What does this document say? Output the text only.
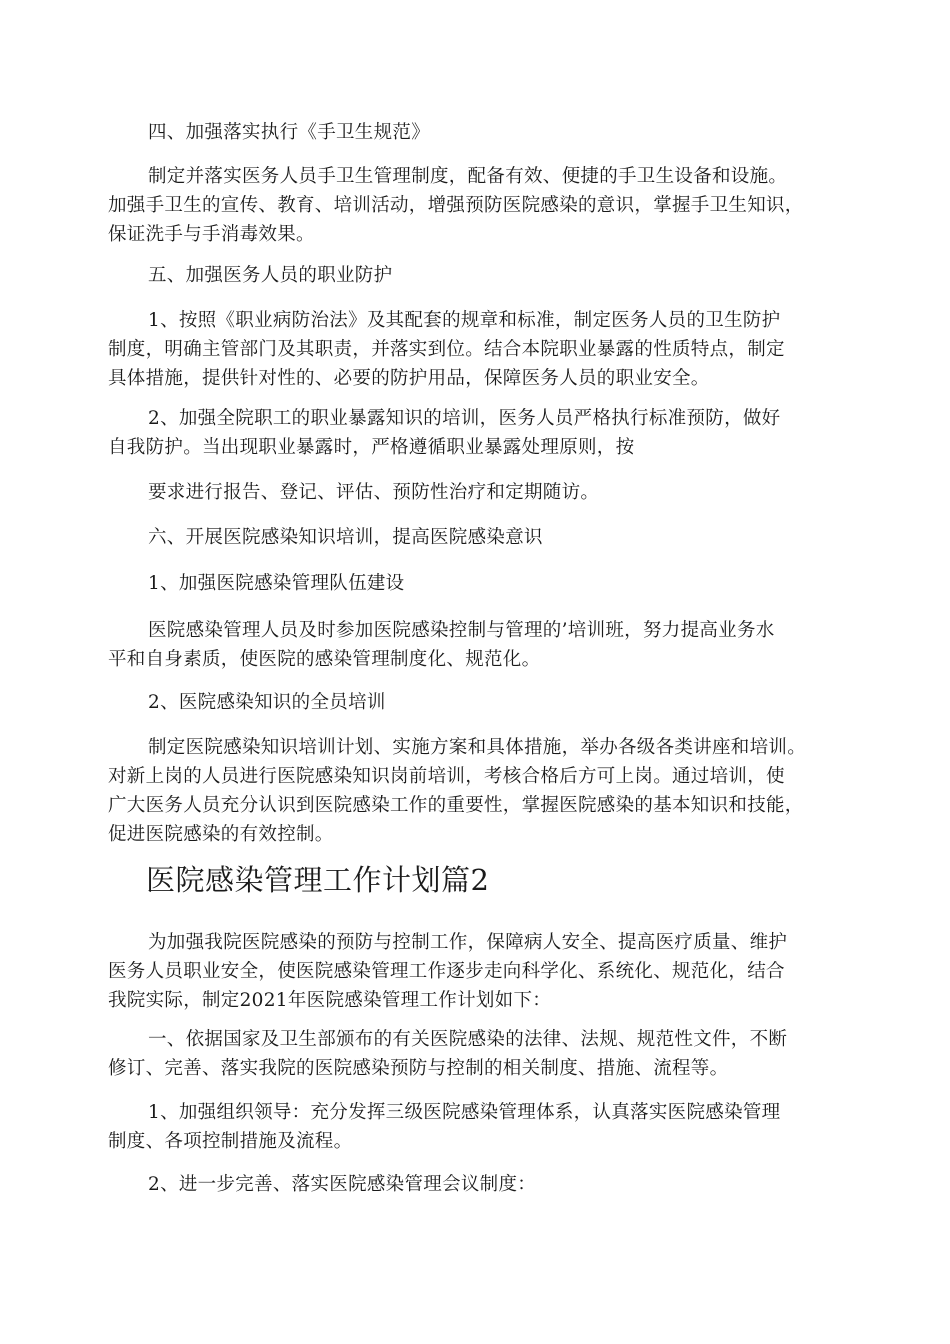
四、加强落实执行《手卫生规范》
制定并落实医务人员手卫生管理制度，配备有效、便捷的手卫生设备和设施。
加强手卫生的宣传、教育、培训活动，增强预防医院感染的意识，掌握手卫生知识，
保证洗手与手消毒效果。
五、加强医务人员的职业防护
1、按照《职业病防治法》及其配套的规章和标准，制定医务人员的卫生防护
制度，明确主管部门及其职责，并落实到位。结合本院职业暴露的性质特点，制定
具体措施，提供针对性的、必要的防护用品，保障医务人员的职业安全。
2、加强全院职工的职业暴露知识的培训，医务人员严格执行标准预防，做好
自我防护。当出现职业暴露时，严格遵循职业暴露处理原则，按
要求进行报告、登记、评估、预防性治疗和定期随访。
六、开展医院感染知识培训，提高医院感染意识
1、加强医院感染管理队伍建设
医院感染管理人员及时参加医院感染控制与管理的’培训班，努力提高业务水
平和自身素质，使医院的感染管理制度化、规范化。
2、医院感染知识的全员培训
制定医院感染知识培训计划、实施方案和具体措施，举办各级各类讲座和培训。
对新上岗的人员进行医院感染知识岗前培训，考核合格后方可上岗。通过培训，使
广大医务人员充分认识到医院感染工作的重要性，掌握医院感染的基本知识和技能，
促进医院感染的有效控制。
医院感染管理工作计划篇2
为加强我院医院感染的预防与控制工作，保障病人安全、提高医疗质量、维护
医务人员职业安全，使医院感染管理工作逐步走向科学化、系统化、规范化，结合
我院实际，制定2021年医院感染管理工作计划如下：
一、依据国家及卫生部颁布的有关医院感染的法律、法规、规范性文件，不断
修订、完善、落实我院的医院感染预防与控制的相关制度、措施、流程等。
1、加强组织领导：充分发挥三级医院感染管理体系，认真落实医院感染管理
制度、各项控制措施及流程。
2、进一步完善、落实医院感染管理会议制度：
